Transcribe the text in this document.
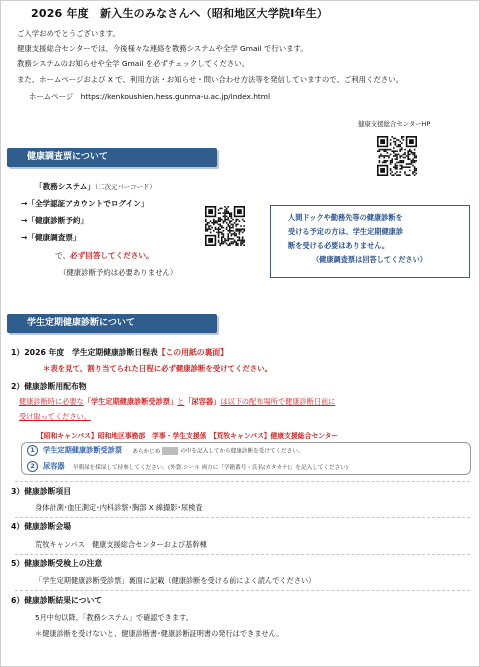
2026 年度　新入生のみなさんへ（昭和地区大学院Ⅰ年生）
ご入学おめでとうございます。
健康支援総合センターでは、今後様々な連絡を教務システムや全学 Gmail で行います。
教務システムのお知らせや全学 Gmail を必ずチェックしてください。
また、ホームページおよび X で、利用方法・お知らせ・問い合わせ方法等を発信していますので、ご利用ください。
ホームページ　https://kenkoushien.hess.gunma-u.ac.jp/index.html
健康支援総合センターHP
健康調査票について
「教務システム」（二次元バーコード）
→「全学認証アカウントでログイン」
→「健康診断予約」
→「健康調査票」
で、必ず回答してください。
（健康診断予約は必要ありません）
人間ドックや勤務先等の健康診断を
受ける予定の方は、学生定期健康診
断を受ける必要はありません。
（健康調査票は回答してください）
学生定期健康診断について
1）2026 年度　学生定期健康診断日程表【この用紙の裏面】
＊表を見て、割り当てられた日程に必ず健康診断を受けてください。
2）健康診断用配布物
健康診断時に必要な「学生定期健康診断受診票」と「尿容器」は以下の配布場所で健康診断日前に
受け取ってください。
【昭和キャンパス】昭和地区事務部　学事・学生支援係　【荒牧キャンパス】健康支援総合センター
1 学生定期健康診断受診票 あらかじめ	の中を記入してから健康診断を受けてください。
2 尿容器 早朝尿を採尿して持参してください。(外袋.シール 両方に「学籍番号・氏名(カタカナ)」を記入してください)
3）健康診断項目
身体計測･血圧測定･内科診察･胸部 X 線撮影･尿検査
4）健康診断会場
荒牧キャンパス　健康支援総合センターおよび基幹棟
5）健康診断受検上の注意
「学生定期健康診断受診票」裏面に記載（健康診断を受ける前によく読んでください）
6）健康診断結果について
5月中旬以降、「教務システム」で確認できます。
＊健康診断を受けないと、健康診断書･健康診断証明書の発行はできません。
